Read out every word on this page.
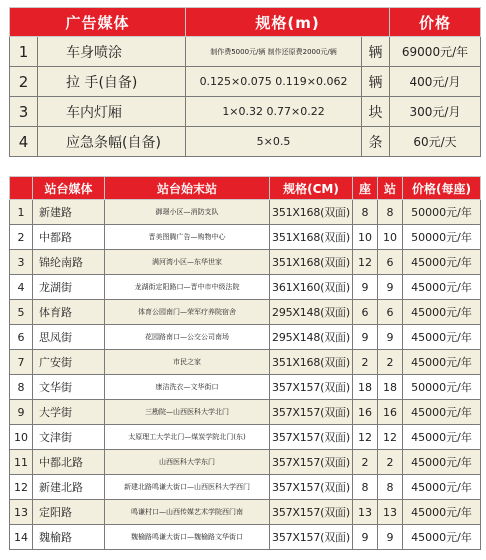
广告媒体		规格(m)		价格
1	车身喷涂	制作费5000元/辆 制作还原费2000元/辆	辆	69000元/年
2	拉 手(自备)	0.125×0.075 0.119×0.062	辆	400元/月
3	车内灯厢	1×0.32 0.77×0.22	块	300元/月
4	应急条幅(自备)	5×0.5	条	60元/天
	站台媒体	站台始末站	规格(CM)	座	站	价格(每座)
1	新建路	御璟小区—消防支队	351X168(双面)	8	8	50000元/年
2	中都路	晋美图腾广告—购物中心	351X168(双面)	10	10	50000元/年
3	锦纶南路	满河湾小区—东华世家	351X168(双面)	12	6	45000元/年
4	龙湖街	龙湖街定阳路口—晋中市中级法院	361X160(双面)	9	9	45000元/年
5	体育路	体育公园南门—荣军疗养院宿舍	295X148(双面)	6	6	45000元/年
6	思凤街	花园路南口—公交公司南场	295X148(双面)	9	9	45000元/年
7	广安街	市民之家	351X168(双面)	2	2	45000元/年
8	文华街	康洁洗衣—文华街口	357X157(双面)	18	18	50000元/年
9	大学街	三勘院—山西医科大学北门	357X157(双面)	16	16	45000元/年
10	文津街	太原理工大学北门—煤炭学院北门(东)	357X157(双面)	12	12	45000元/年
11	中都北路	山西医科大学东门	357X157(双面)	2	2	45000元/年
12	新建北路	新建北路鸣谦大街口—山西医科大学西门	357X157(双面)	8	8	45000元/年
13	定阳路	鸣谦村口—山西传媒艺术学院西门南	357X157(双面)	13	13	45000元/年
14	魏榆路	魏榆路鸣谦大街口—魏榆路文华街口	357X157(双面)	9	9	45000元/年
